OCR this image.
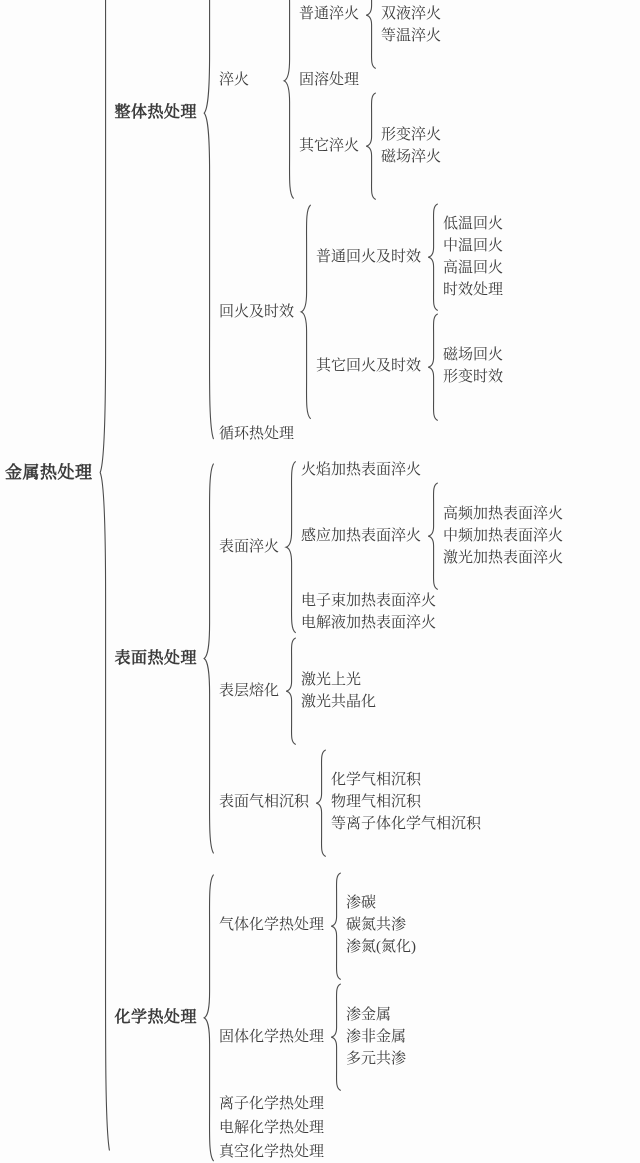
金属热处理
整体热处理
淬火
普通淬火	双液淬火
等温淬火
固溶处理
其它淬火
形变淬火
磁场淬火
回火及时效
普通回火及时效
低温回火
中温回火
高温回火
时效处理
其它回火及时效
磁场回火
形变时效
循环热处理
表面热处理
表面淬火
火焰加热表面淬火
感应加热表面淬火
高频加热表面淬火
中频加热表面淬火
激光加热表面淬火
电子束加热表面淬火
电解液加热表面淬火
表层熔化
激光上光
激光共晶化
表面气相沉积
化学气相沉积
物理气相沉积
等离子体化学气相沉积
化学热处理
气体化学热处理
渗碳
碳氮共渗
渗氮(氮化)
固体化学热处理
渗金属
渗非金属
多元共渗
离子化学热处理
电解化学热处理
真空化学热处理
